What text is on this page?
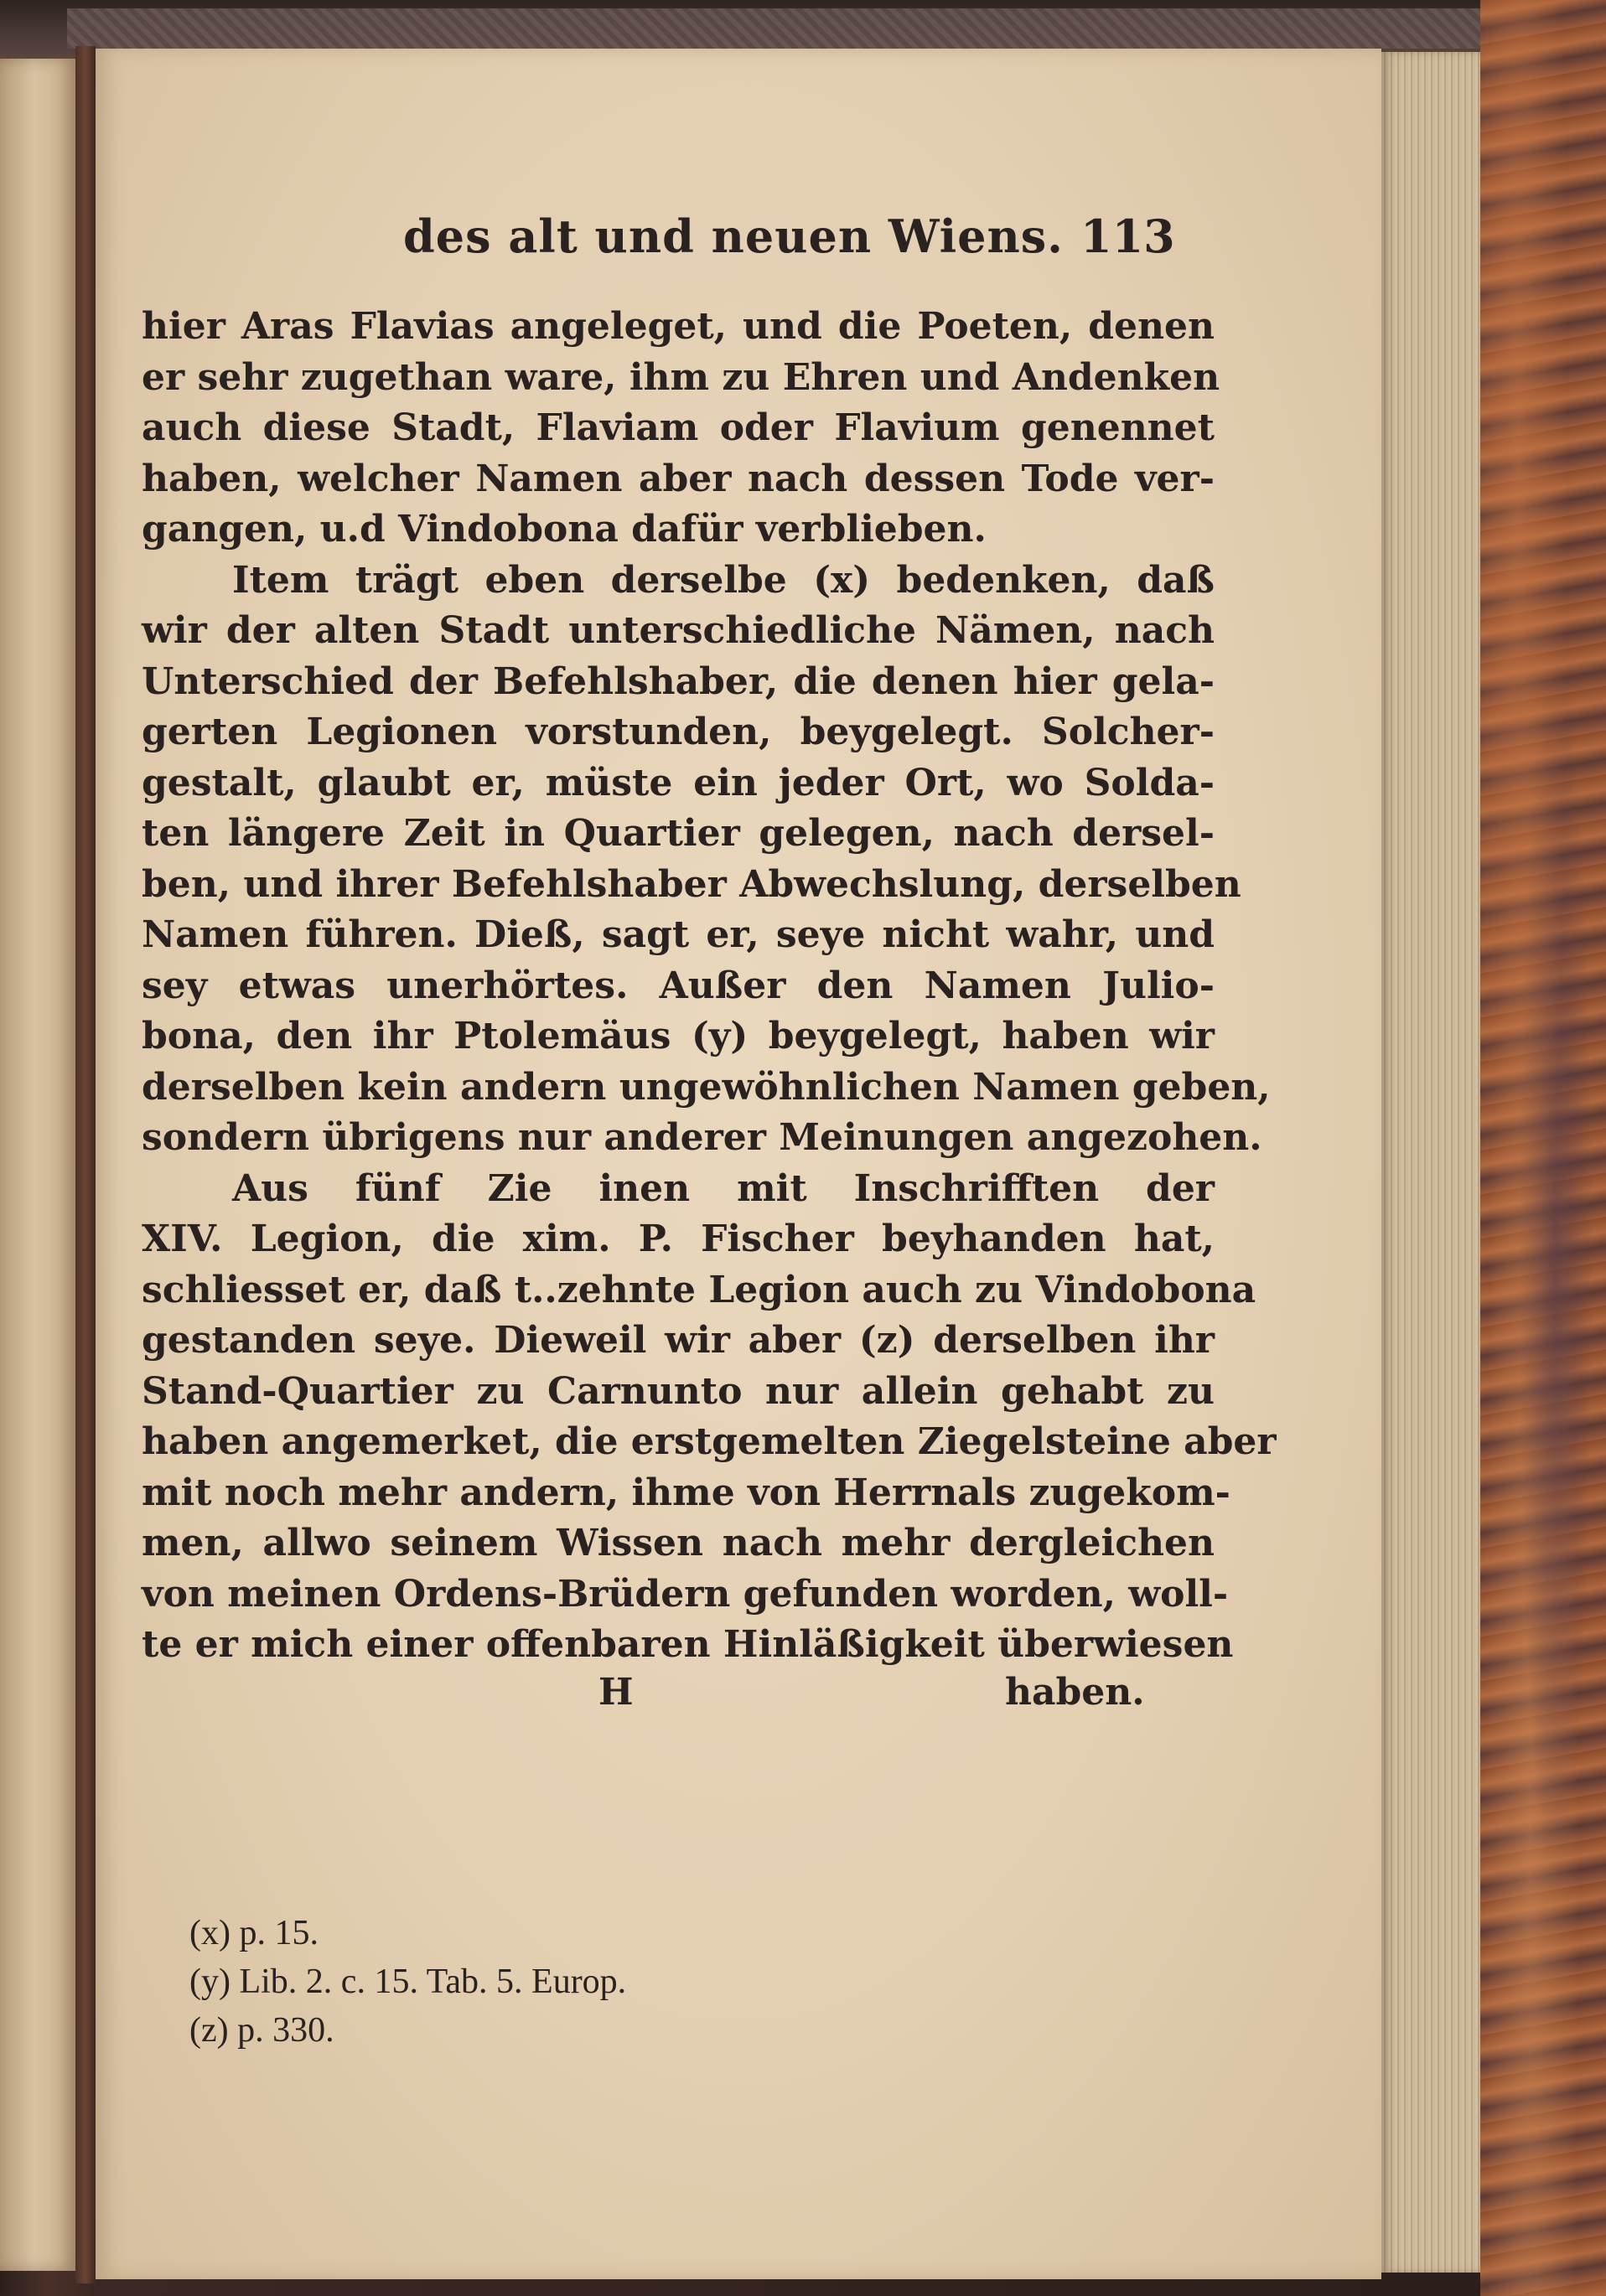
des alt und neuen Wiens. 113
hier Aras Flavias angeleget, und die Poeten, denen
er sehr zugethan ware, ihm zu Ehren und Andenken
auch diese Stadt, Flaviam oder Flavium genennet
haben, welcher Namen aber nach dessen Tode ver-
gangen, u.d Vindobona dafür verblieben.
Item trägt eben derselbe (x) bedenken, daß
wir der alten Stadt unterschiedliche Nämen, nach
Unterschied der Befehlshaber, die denen hier gela-
gerten Legionen vorstunden, beygelegt. Solcher-
gestalt, glaubt er, müste ein jeder Ort, wo Solda-
ten längere Zeit in Quartier gelegen, nach dersel-
ben, und ihrer Befehlshaber Abwechslung, derselben
Namen führen. Dieß, sagt er, seye nicht wahr, und
sey etwas unerhörtes. Außer den Namen Julio-
bona, den ihr Ptolemäus (y) beygelegt, haben wir
derselben kein andern ungewöhnlichen Namen geben,
sondern übrigens nur anderer Meinungen angezohen.
Aus fünf Zie inen mit Inschrifften der
XIV. Legion, die xim. P. Fischer beyhanden hat,
schliesset er, daß t..zehnte Legion auch zu Vindobona
gestanden seye. Dieweil wir aber (z) derselben ihr
Stand-Quartier zu Carnunto nur allein gehabt zu
haben angemerket, die erstgemelten Ziegelsteine aber
mit noch mehr andern, ihme von Herrnals zugekom-
men, allwo seinem Wissen nach mehr dergleichen
von meinen Ordens-Brüdern gefunden worden, woll-
te er mich einer offenbaren Hinläßigkeit überwiesen
H	haben.
(x) p. 15.
(y) Lib. 2. c. 15. Tab. 5. Europ.
(z) p. 330.
